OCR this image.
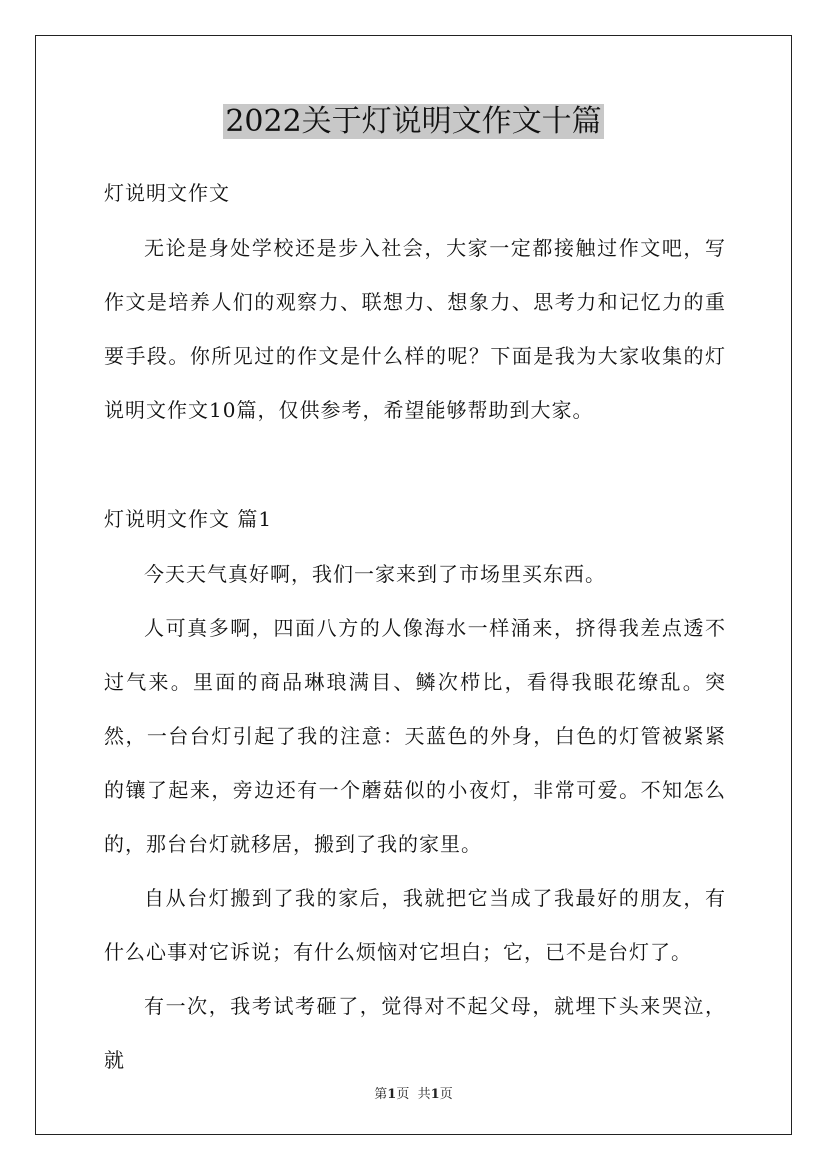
2022关于灯说明文作文十篇
灯说明文作文
无论是身处学校还是步入社会，大家一定都接触过作文吧，写作文是培养人们的观察力、联想力、想象力、思考力和记忆力的重要手段。你所见过的作文是什么样的呢？下面是我为大家收集的灯说明文作文10篇，仅供参考，希望能够帮助到大家。
灯说明文作文 篇1
今天天气真好啊，我们一家来到了市场里买东西。
人可真多啊，四面八方的人像海水一样涌来，挤得我差点透不过气来。里面的商品琳琅满目、鳞次栉比，看得我眼花缭乱。突然，一台台灯引起了我的注意：天蓝色的外身，白色的灯管被紧紧的镶了起来，旁边还有一个蘑菇似的小夜灯，非常可爱。不知怎么的，那台台灯就移居，搬到了我的家里。
自从台灯搬到了我的家后，我就把它当成了我最好的朋友，有什么心事对它诉说；有什么烦恼对它坦白；它，已不是台灯了。
有一次，我考试考砸了，觉得对不起父母，就埋下头来哭泣，就
第1页 共1页
